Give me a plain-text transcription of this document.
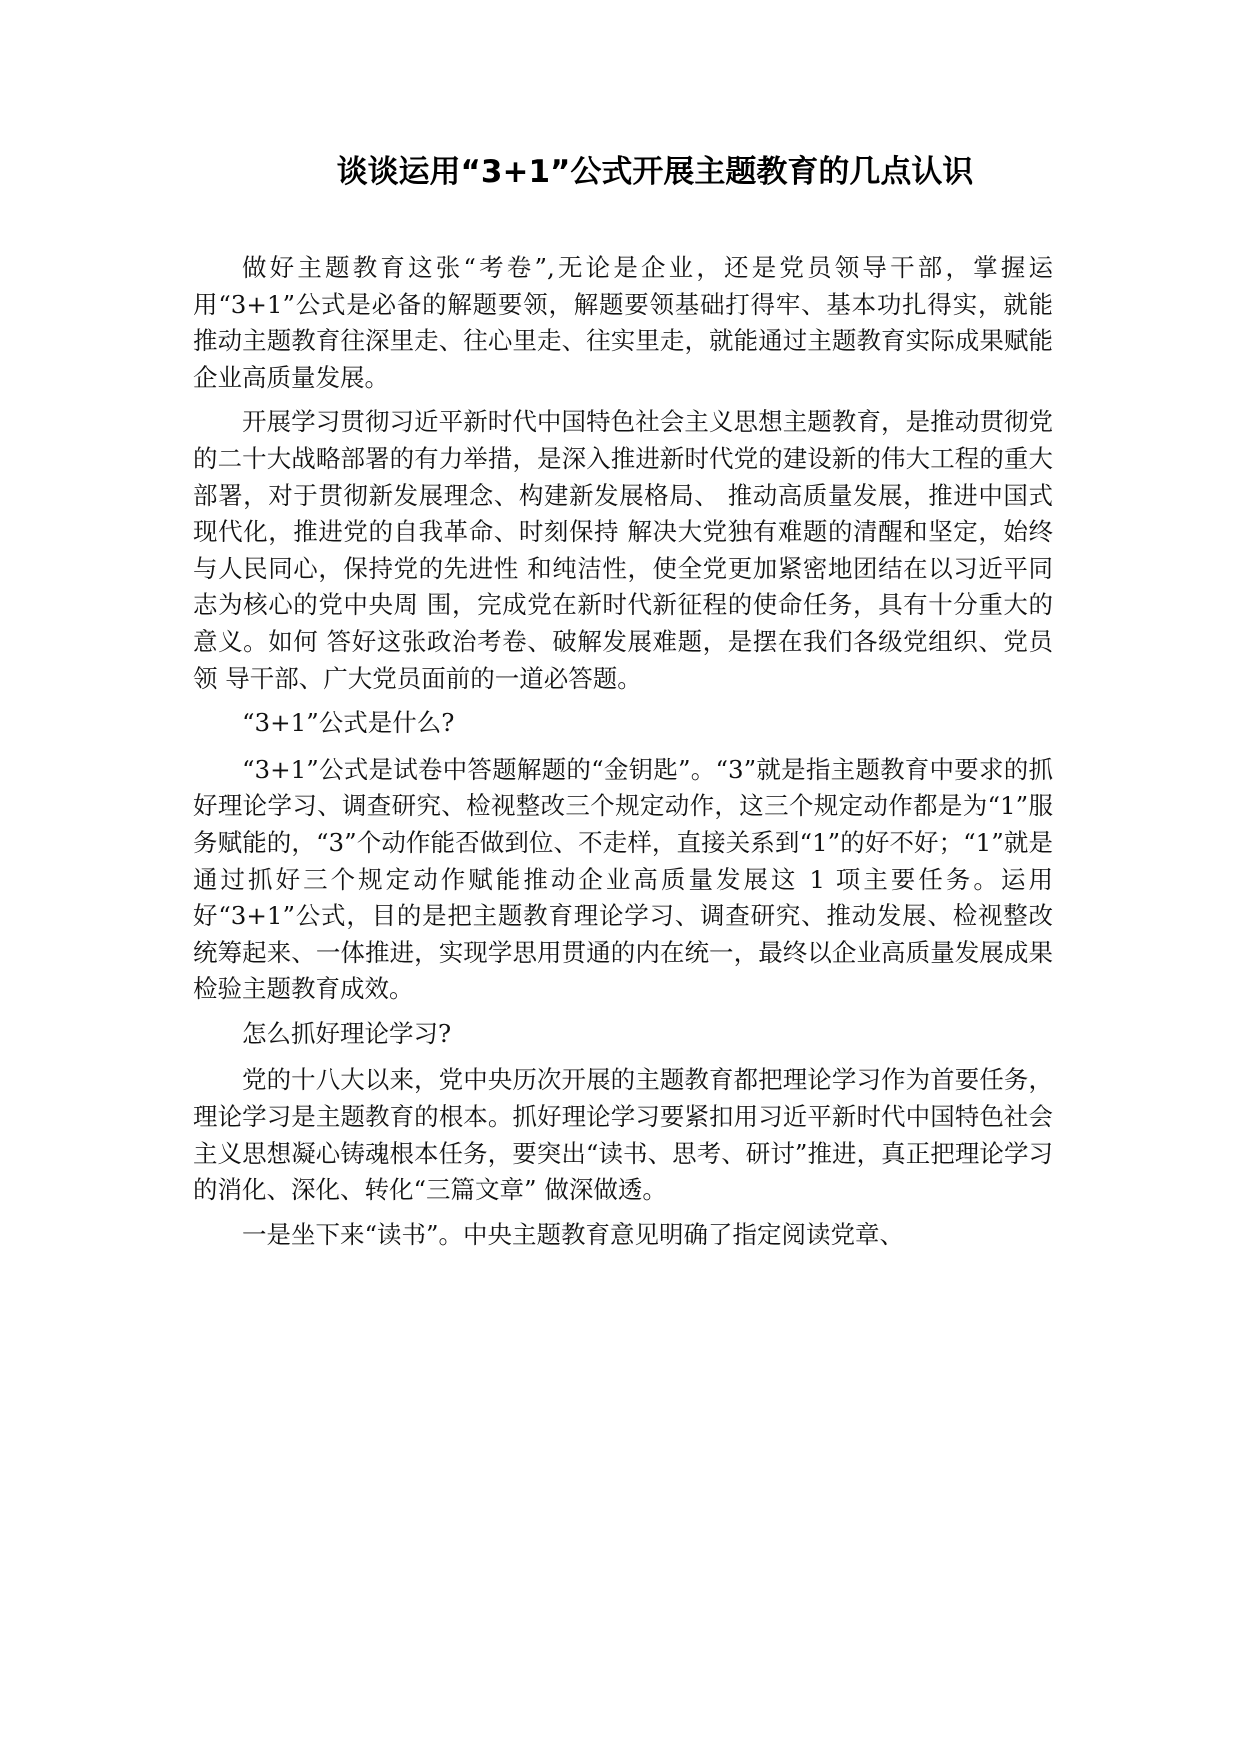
谈谈运用“3+1”公式开展主题教育的几点认识

做好主题教育这张“考卷”,无论是企业，还是党员领导干部，掌握运用“3+1”公式是必备的解题要领，解题要领基础打得牢、基本功扎得实，就能推动主题教育往深里走、往心里走、往实里走，就能通过主题教育实际成果赋能企业高质量发展。

开展学习贯彻习近平新时代中国特色社会主义思想主题教育，是推动贯彻党的二十大战略部署的有力举措，是深入推进新时代党的建设新的伟大工程的重大部署，对于贯彻新发展理念、构建新发展格局、 推动高质量发展，推进中国式现代化，推进党的自我革命、时刻保持 解决大党独有难题的清醒和坚定，始终与人民同心，保持党的先进性 和纯洁性，使全党更加紧密地团结在以习近平同志为核心的党中央周 围，完成党在新时代新征程的使命任务，具有十分重大的意义。如何 答好这张政治考卷、破解发展难题，是摆在我们各级党组织、党员领 导干部、广大党员面前的一道必答题。

“3+1”公式是什么?

“3+1”公式是试卷中答题解题的“金钥匙”。“3”就是指主题教育中要求的抓好理论学习、调查研究、检视整改三个规定动作，这三个规定动作都是为“1”服务赋能的，“3”个动作能否做到位、不走样，直接关系到“1”的好不好；“1”就是通过抓好三个规定动作赋能推动企业高质量发展这 1 项主要任务。运用好“3+1”公式，目的是把主题教育理论学习、调查研究、推动发展、检视整改统筹起来、一体推进，实现学思用贯通的内在统一，最终以企业高质量发展成果检验主题教育成效。

怎么抓好理论学习?

党的十八大以来，党中央历次开展的主题教育都把理论学习作为首要任务，理论学习是主题教育的根本。抓好理论学习要紧扣用习近平新时代中国特色社会主义思想凝心铸魂根本任务，要突出“读书、思考、研讨”推进，真正把理论学习的消化、深化、转化“三篇文章” 做深做透。

一是坐下来“读书”。中央主题教育意见明确了指定阅读党章、
